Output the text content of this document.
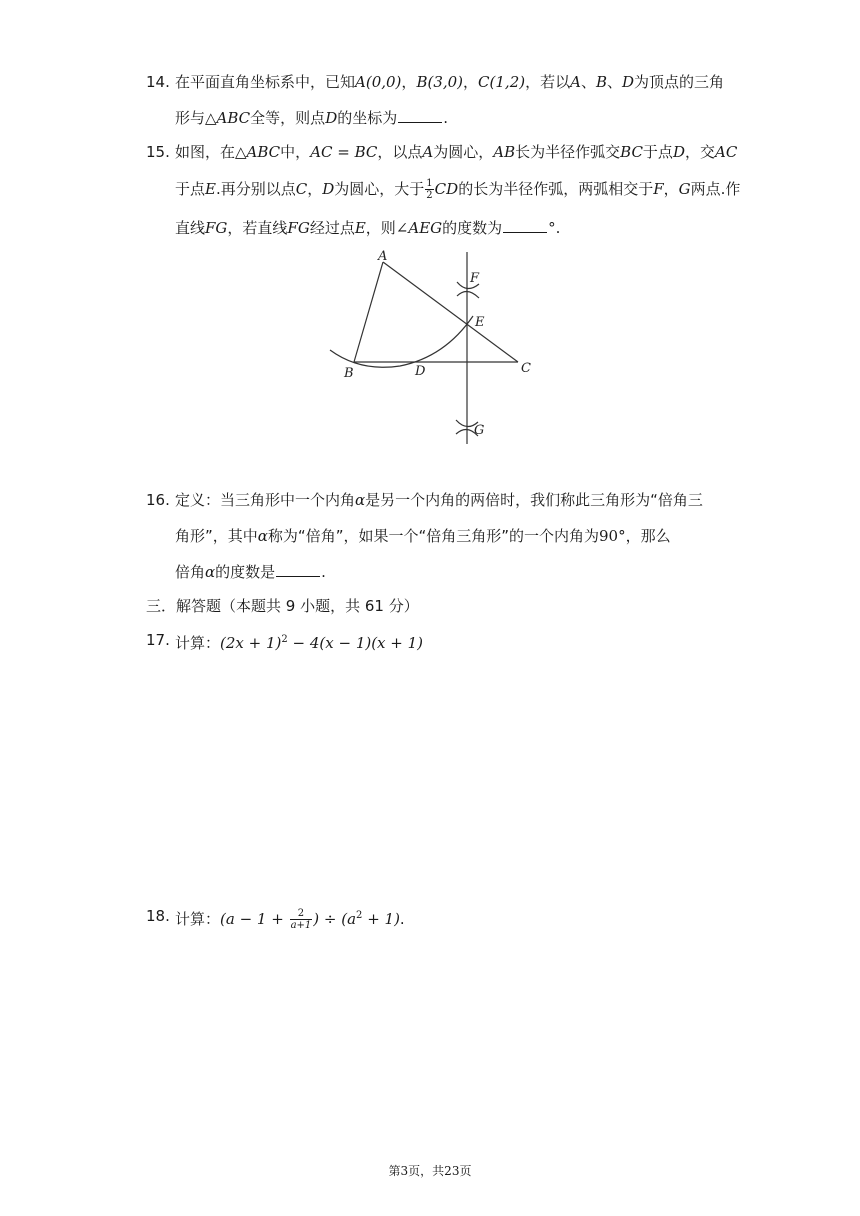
14. 在平面直角坐标系中，已知A(0,0)，B(3,0)，C(1,2)，若以A、B、D为顶点的三角
形与△ABC全等，则点D的坐标为	.
15. 如图，在△ABC中，AC = BC，以点A为圆心，AB长为半径作弧交BC于点D，交AC
于点E.再分别以点C，D为圆心，大于 $\frac{1}{2}$ CD的长为半径作弧，两弧相交于F，G两点.作
直线FG，若直线FG经过点E，则∠AEG的度数为	°.
A
B	C
D
E
F
G
16. 定义：当三角形中一个内角α是另一个内角的两倍时，我们称此三角形为“倍角三
角形”，其中α称为“倍角”，如果一个“倍角三角形”的一个内角为90°，那么
倍角α的度数是	.
三．解答题（本题共 9 小题，共 61 分）
17. 计算：$(2x + 1)^2 - 4(x - 1)(x + 1)$
18. 计算：($a - 1 + \frac{2}{a+1}$ ) ÷ $(a^2 + 1)$.
第3页，共23页
